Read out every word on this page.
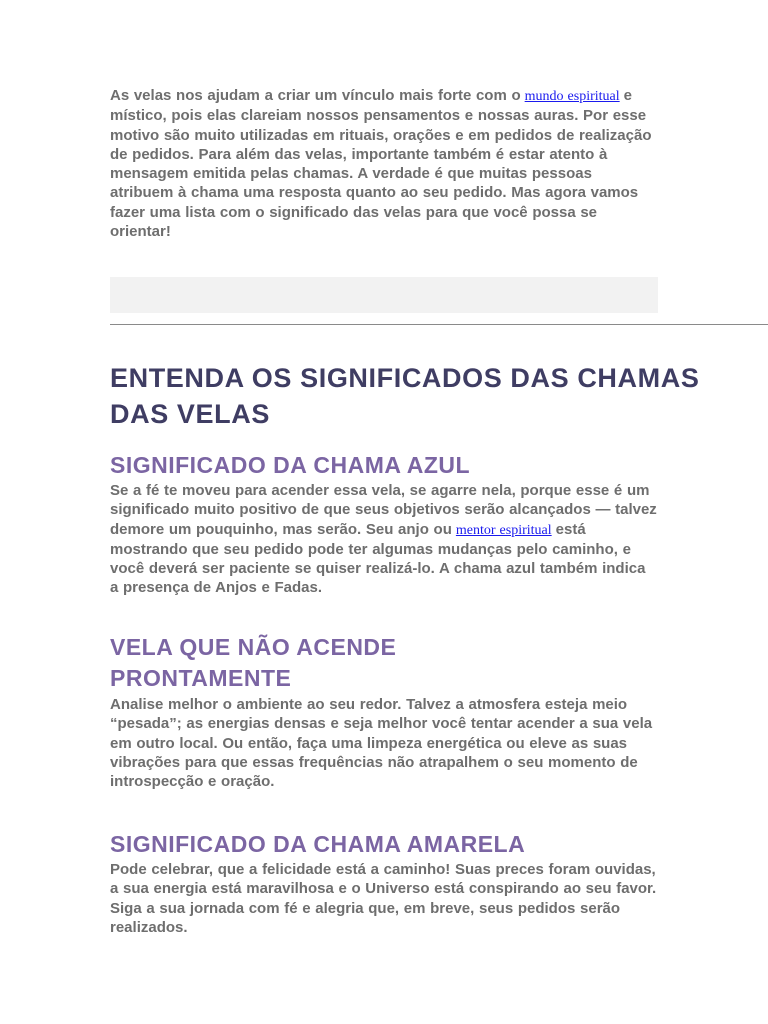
As velas nos ajudam a criar um vínculo mais forte com o mundo espiritual e místico, pois elas clareiam nossos pensamentos e nossas auras. Por esse motivo são muito utilizadas em rituais, orações e em pedidos de realização de pedidos. Para além das velas, importante também é estar atento à mensagem emitida pelas chamas. A verdade é que muitas pessoas atribuem à chama uma resposta quanto ao seu pedido. Mas agora vamos fazer uma lista com o significado das velas para que você possa se orientar!

ENTENDA OS SIGNIFICADOS DAS CHAMAS DAS VELAS
SIGNIFICADO DA CHAMA AZUL

Se a fé te moveu para acender essa vela, se agarre nela, porque esse é um significado muito positivo de que seus objetivos serão alcançados — talvez demore um pouquinho, mas serão. Seu anjo ou mentor espiritual está mostrando que seu pedido pode ter algumas mudanças pelo caminho, e você deverá ser paciente se quiser realizá-lo. A chama azul também indica a presença de Anjos e Fadas.

VELA QUE NÃO ACENDE PRONTAMENTE

Analise melhor o ambiente ao seu redor. Talvez a atmosfera esteja meio “pesada”; as energias densas e seja melhor você tentar acender a sua vela em outro local. Ou então, faça uma limpeza energética ou eleve as suas vibrações para que essas frequências não atrapalhem o seu momento de introspecção e oração.

SIGNIFICADO DA CHAMA AMARELA

Pode celebrar, que a felicidade está a caminho! Suas preces foram ouvidas, a sua energia está maravilhosa e o Universo está conspirando ao seu favor. Siga a sua jornada com fé e alegria que, em breve, seus pedidos serão realizados.
